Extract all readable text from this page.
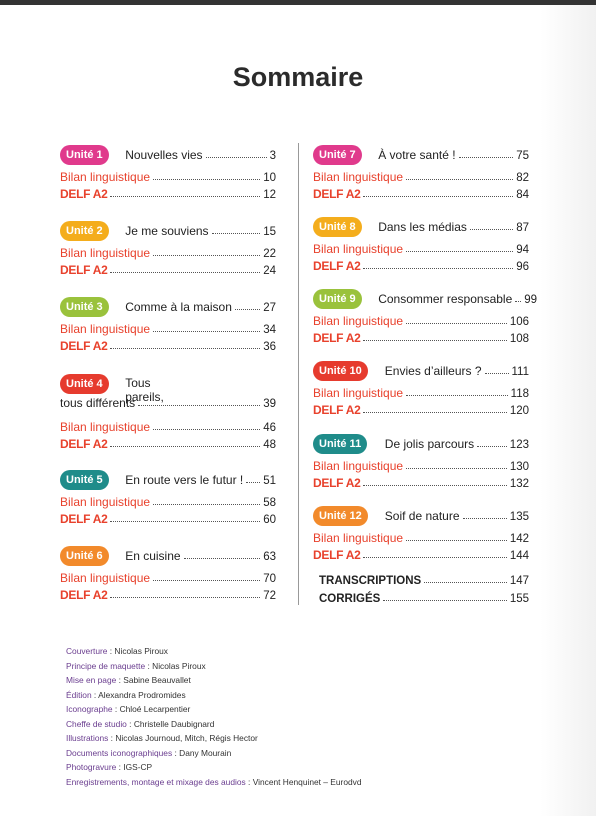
Sommaire
Unité 1	Nouvelles vies	3
Bilan linguistique	10
DELF A2	12
Unité 2	Je me souviens	15
Bilan linguistique	22
DELF A2	24
Unité 3	Comme à la maison	27
Bilan linguistique	34
DELF A2	36
Unité 4	Tous pareils,
tous différents	39
Bilan linguistique	46
DELF A2	48
Unité 5	En route vers le futur ! 51
Bilan linguistique	58
DELF A2	60
Unité 6	En cuisine	63
Bilan linguistique	70
DELF A2	72
Unité 7	À votre santé !	75
Bilan linguistique	82
DELF A2	84
Unité 8	Dans les médias	87
Bilan linguistique	94
DELF A2	96
Unité 9	Consommer responsable 99
Bilan linguistique	106
DELF A2	108
Unité 10	Envies d’ailleurs ?	111
Bilan linguistique	118
DELF A2	120
Unité 11	De jolis parcours	123
Bilan linguistique	130
DELF A2	132
Unité 12	Soif de nature	135
Bilan linguistique	142
DELF A2	144
TRANSCRIPTIONS	147
CORRIGÉS	155
Couverture : Nicolas Piroux
Principe de maquette : Nicolas Piroux
Mise en page : Sabine Beauvallet
Édition : Alexandra Prodromides
Iconographe : Chloé Lecarpentier
Cheffe de studio : Christelle Daubignard
Illustrations : Nicolas Journoud, Mitch, Régis Hector
Documents iconographiques : Dany Mourain
Photogravure : IGS-CP
Enregistrements, montage et mixage des audios : Vincent Henquinet – Eurodvd
